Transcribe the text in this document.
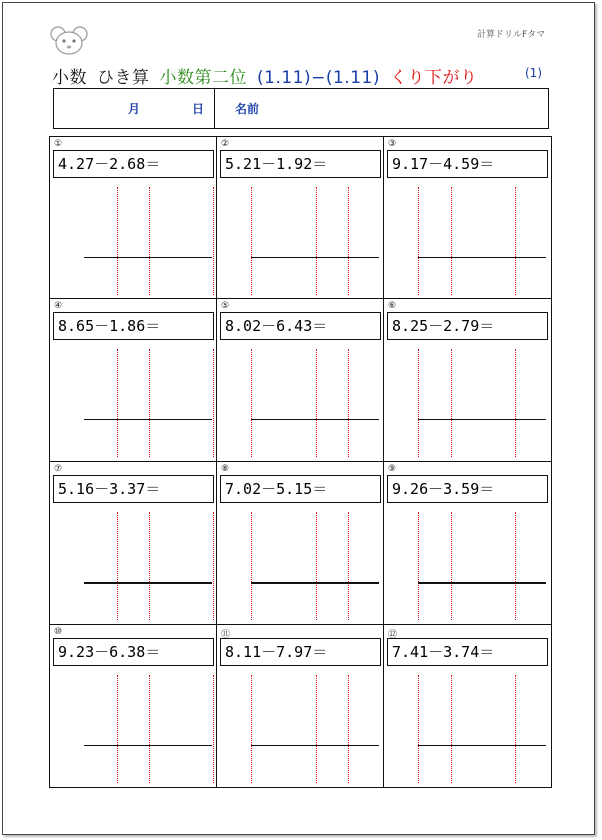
計算ドリルFタマ
小数 ひき算 小数第二位 (1.11)−(1.11) くり下がり	(1)
月	日	名前
①
4.27－2.68＝
②
5.21－1.92＝
③
9.17－4.59＝
④
8.65－1.86＝
⑤
8.02－6.43＝
⑥
8.25－2.79＝
⑦
5.16－3.37＝
⑧
7.02－5.15＝
⑨
9.26－3.59＝
⑩
9.23－6.38＝
⑪
8.11－7.97＝
⑫
7.41－3.74＝
